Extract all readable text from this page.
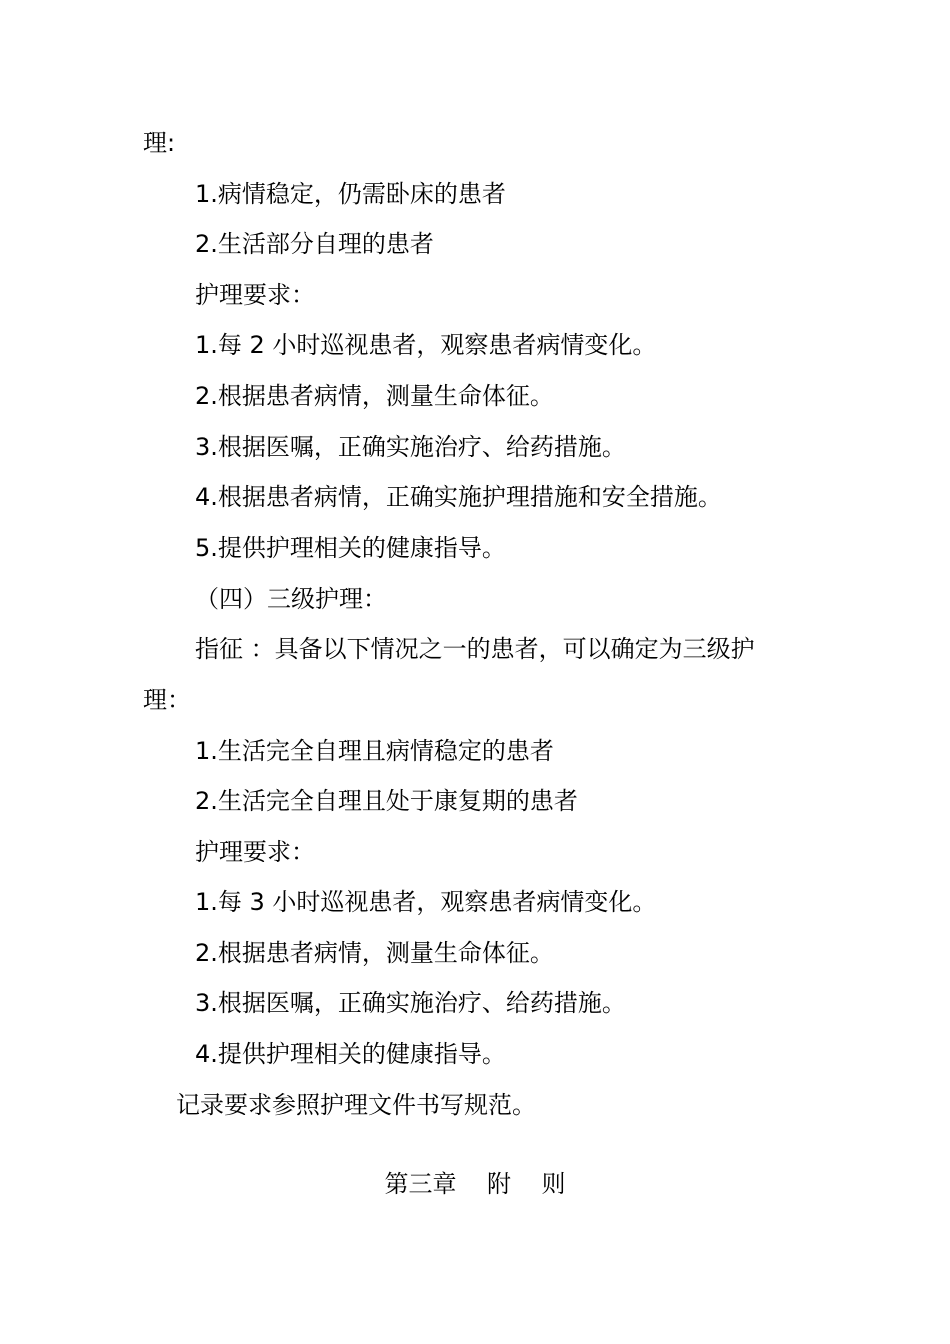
理:
1.病情稳定，仍需卧床的患者
2.生活部分自理的患者
护理要求：
1.每 2 小时巡视患者，观察患者病情变化。
2.根据患者病情，测量生命体征。
3.根据医嘱，正确实施治疗、给药措施。
4.根据患者病情，正确实施护理措施和安全措施。
5.提供护理相关的健康指导。
（四）三级护理：
指征 ：具备以下情况之一的患者，可以确定为三级护
理：
1.生活完全自理且病情稳定的患者
2.生活完全自理且处于康复期的患者
护理要求：
1.每 3 小时巡视患者，观察患者病情变化。
2.根据患者病情，测量生命体征。
3.根据医嘱，正确实施治疗、给药措施。
4.提供护理相关的健康指导。
记录要求参照护理文件书写规范。
第三章    附    则
